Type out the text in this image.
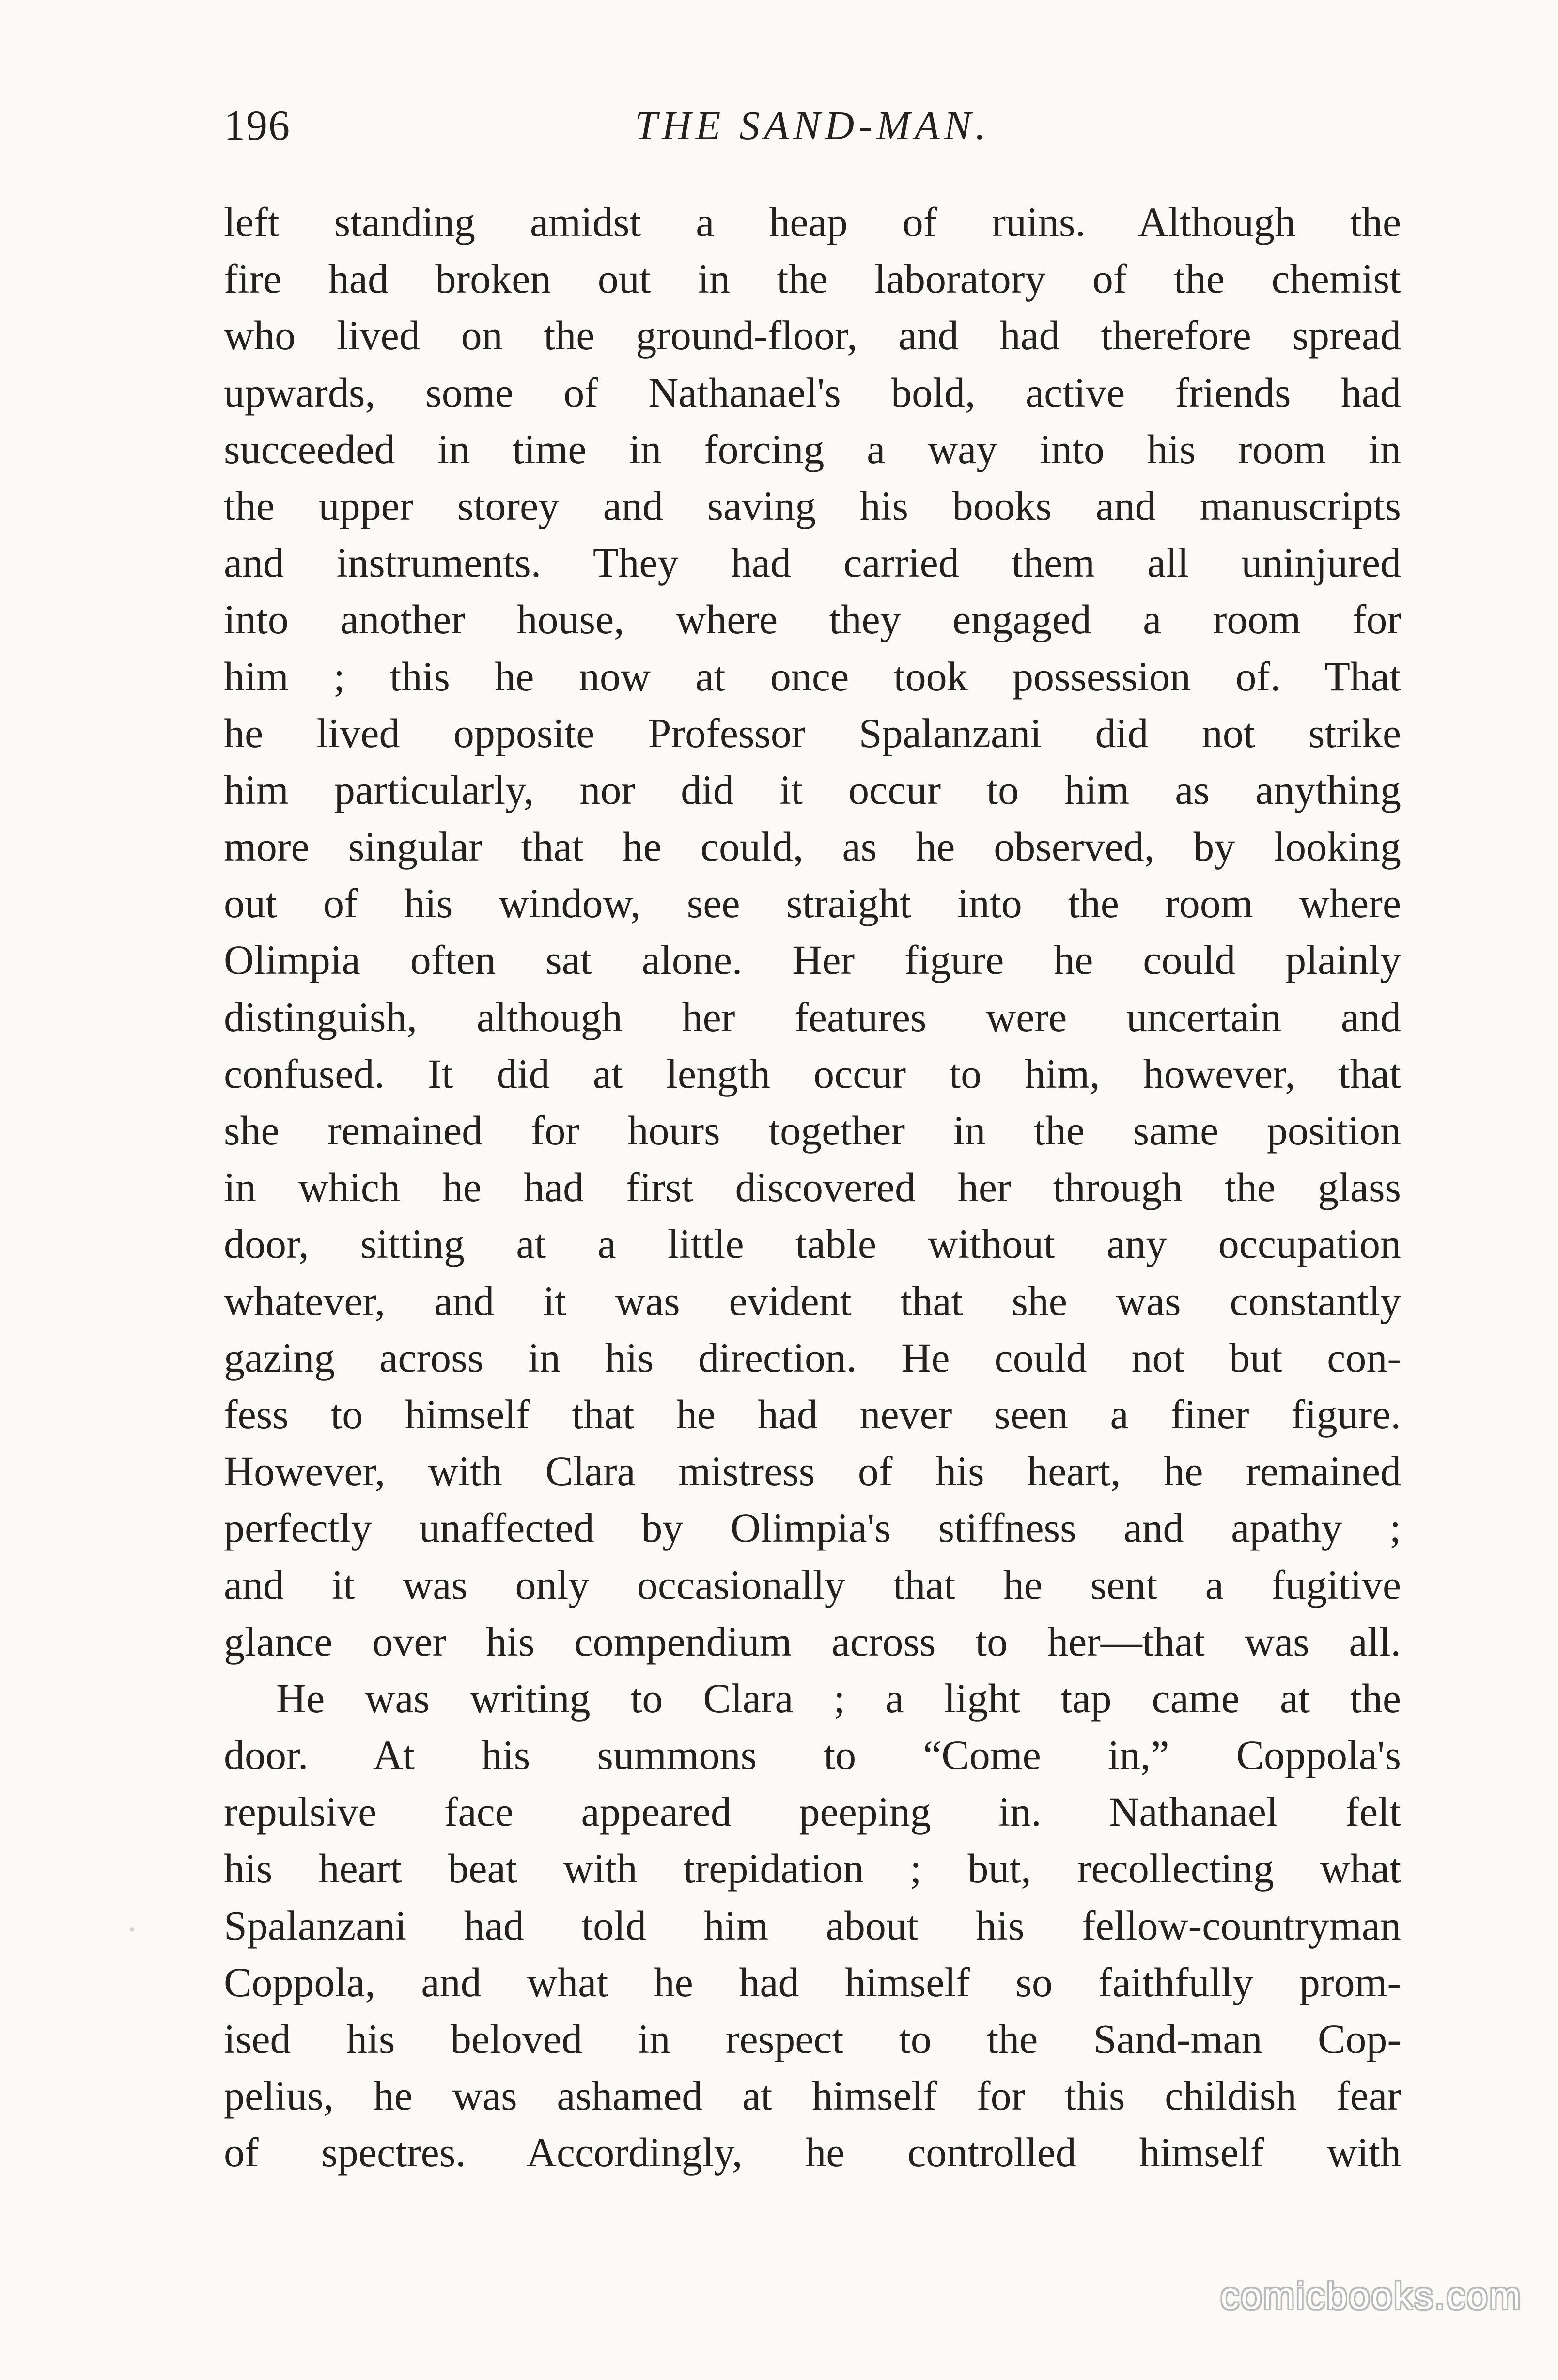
196	THE SAND-MAN.
left standing amidst a heap of ruins. Although the
fire had broken out in the laboratory of the chemist
who lived on the ground-floor, and had therefore spread
upwards, some of Nathanael's bold, active friends had
succeeded in time in forcing a way into his room in
the upper storey and saving his books and manuscripts
and instruments. They had carried them all uninjured
into another house, where they engaged a room for
him ; this he now at once took possession of. That
he lived opposite Professor Spalanzani did not strike
him particularly, nor did it occur to him as anything
more singular that he could, as he observed, by looking
out of his window, see straight into the room where
Olimpia often sat alone. Her figure he could plainly
distinguish, although her features were uncertain and
confused. It did at length occur to him, however, that
she remained for hours together in the same position
in which he had first discovered her through the glass
door, sitting at a little table without any occupation
whatever, and it was evident that she was constantly
gazing across in his direction. He could not but con-
fess to himself that he had never seen a finer figure.
However, with Clara mistress of his heart, he remained
perfectly unaffected by Olimpia's stiffness and apathy ;
and it was only occasionally that he sent a fugitive
glance over his compendium across to her—that was all.
He was writing to Clara ; a light tap came at the
door. At his summons to “Come in,” Coppola's
repulsive face appeared peeping in. Nathanael felt
his heart beat with trepidation ; but, recollecting what
Spalanzani had told him about his fellow-countryman
Coppola, and what he had himself so faithfully prom-
ised his beloved in respect to the Sand-man Cop-
pelius, he was ashamed at himself for this childish fear
of spectres. Accordingly, he controlled himself with
comicbooks.com
